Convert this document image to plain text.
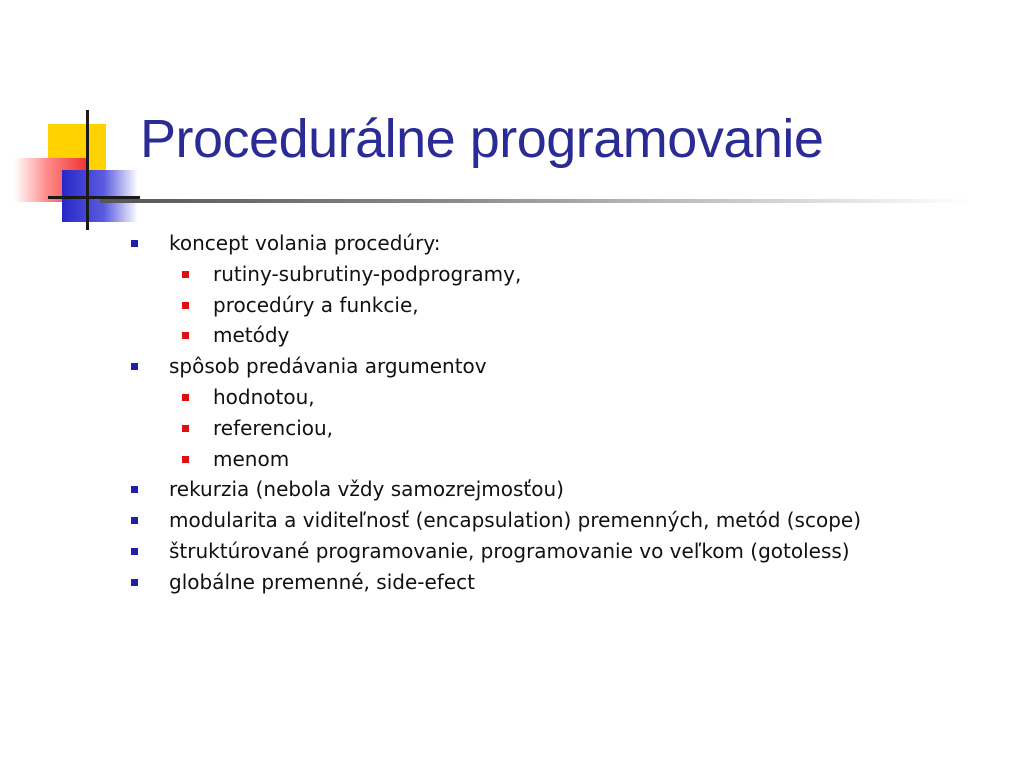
Procedurálne programovanie
koncept volania procedúry:
rutiny-subrutiny-podprogramy,
procedúry a funkcie,
metódy
spôsob predávania argumentov
hodnotou,
referenciou,
menom
rekurzia (nebola vždy samozrejmosťou)
modularita a viditeľnosť (encapsulation) premenných, metód (scope)
štruktúrované programovanie, programovanie vo veľkom (gotoless)
globálne premenné, side-efect
